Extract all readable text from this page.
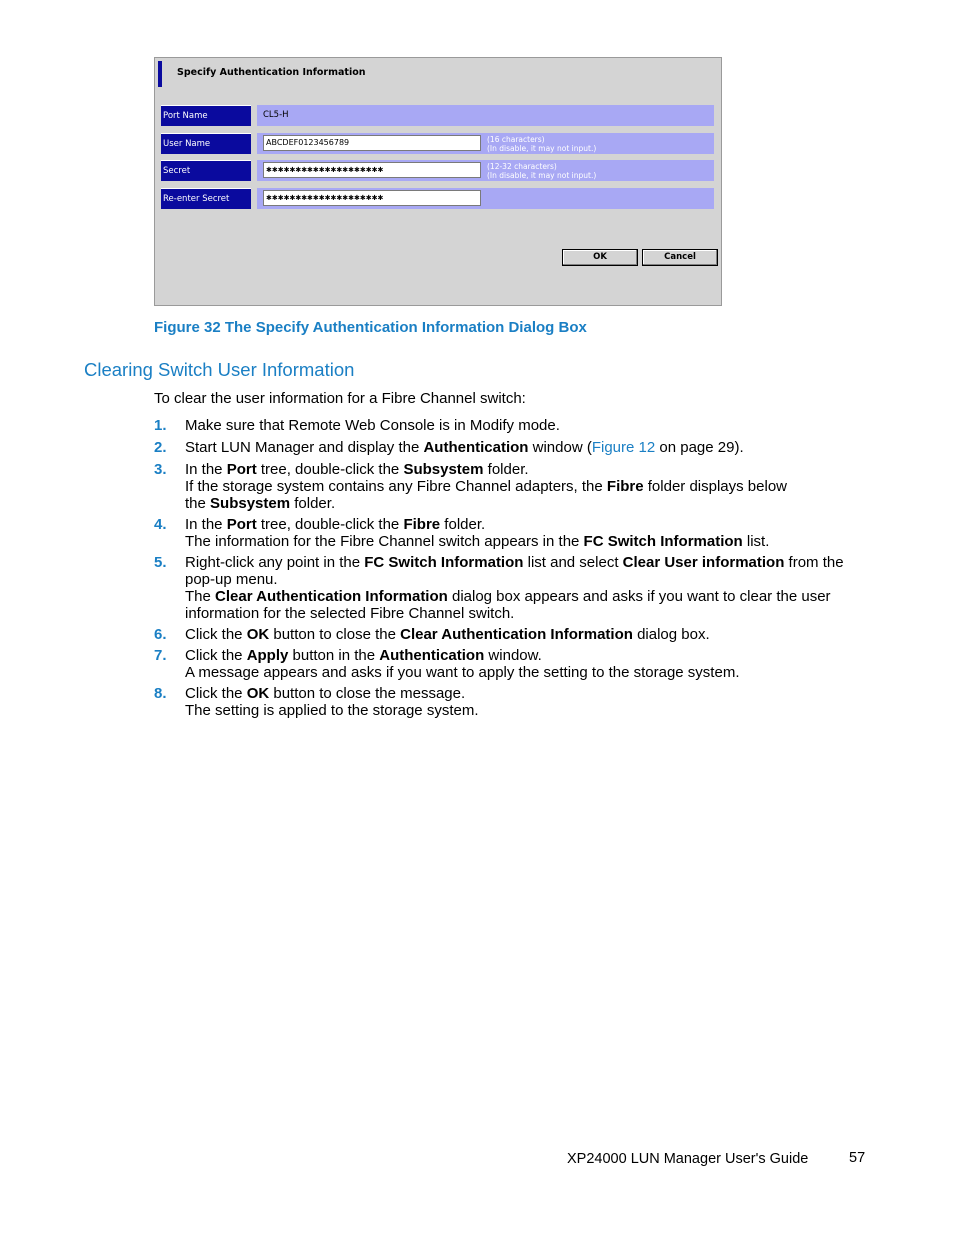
Specify Authentication Information
Port Name	CL5-H
User Name	ABCDEF0123456789	(16 characters)
(In disable, it may not input.)
Secret	✱✱✱✱✱✱✱✱✱✱✱✱✱✱✱✱✱✱✱✱	(12-32 characters)
(In disable, it may not input.)
Re-enter Secret	✱✱✱✱✱✱✱✱✱✱✱✱✱✱✱✱✱✱✱✱
OK	Cancel
Figure 32 The Specify Authentication Information Dialog Box
Clearing Switch User Information
To clear the user information for a Fibre Channel switch:
1. Make sure that Remote Web Console is in Modify mode.
2. Start LUN Manager and display the Authentication window (Figure 12 on page 29).
3. In the Port tree, double-click the Subsystem folder.
If the storage system contains any Fibre Channel adapters, the Fibre folder displays below
the Subsystem folder.
4. In the Port tree, double-click the Fibre folder.
The information for the Fibre Channel switch appears in the FC Switch Information list.
5. Right-click any point in the FC Switch Information list and select Clear User information from the
pop-up menu.
The Clear Authentication Information dialog box appears and asks if you want to clear the user
information for the selected Fibre Channel switch.
6. Click the OK button to close the Clear Authentication Information dialog box.
7. Click the Apply button in the Authentication window.
A message appears and asks if you want to apply the setting to the storage system.
8. Click the OK button to close the message.
The setting is applied to the storage system.
XP24000 LUN Manager User's Guide	57
